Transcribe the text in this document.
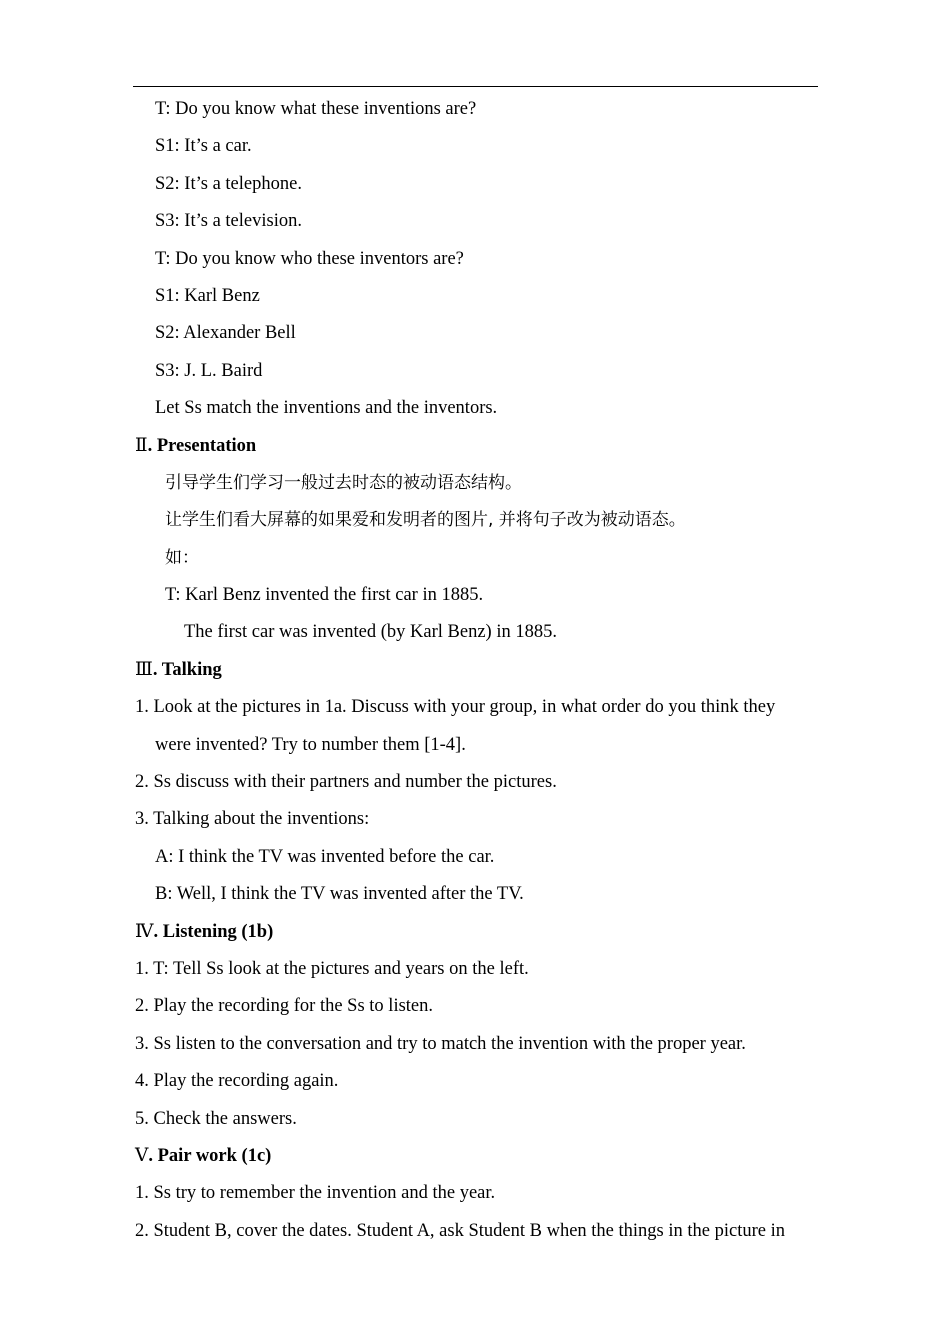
T: Do you know what these inventions are?
S1: It’s a car.
S2: It’s a telephone.
S3: It’s a television.
T: Do you know who these inventors are?
S1: Karl Benz
S2: Alexander Bell
S3: J. L. Baird
Let Ss match the inventions and the inventors.
Ⅱ. Presentation
引导学生们学习一般过去时态的被动语态结构。
让学生们看大屏幕的如果爱和发明者的图片, 并将句子改为被动语态。
如：
T: Karl Benz invented the first car in 1885.
The first car was invented (by Karl Benz) in 1885.
Ⅲ. Talking
1. Look at the pictures in 1a. Discuss with your group, in what order do you think they
were invented? Try to number them [1-4].
2. Ss discuss with their partners and number the pictures.
3. Talking about the inventions:
A: I think the TV was invented before the car.
B: Well, I think the TV was invented after the TV.
Ⅳ. Listening (1b)
1. T: Tell Ss look at the pictures and years on the left.
2. Play the recording for the Ss to listen.
3. Ss listen to the conversation and try to match the invention with the proper year.
4. Play the recording again.
5. Check the answers.
Ⅴ. Pair work (1c)
1. Ss try to remember the invention and the year.
2. Student B, cover the dates. Student A, ask Student B when the things in the picture in
